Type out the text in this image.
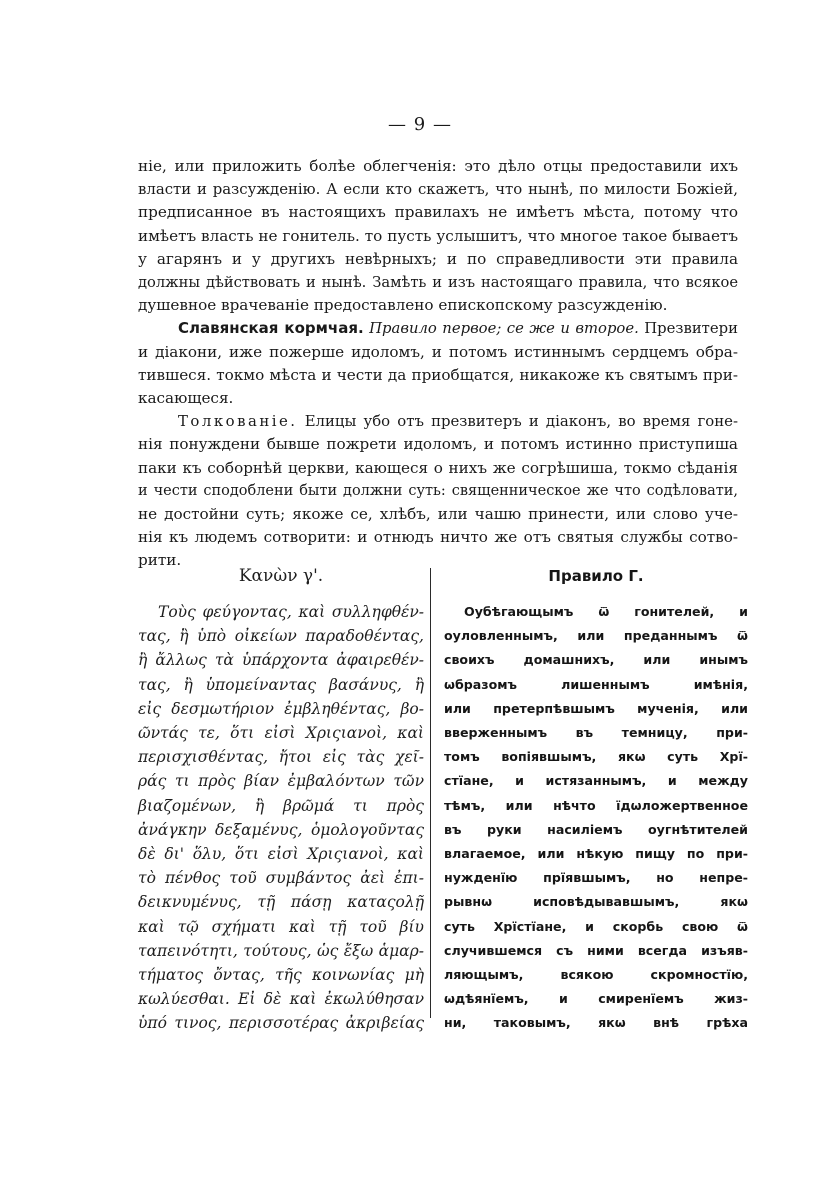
— 9 —

ніе, или приложить болѣе облегченія: это дѣло отцы предоставили ихъ
власти и разсужденію. А если кто скажетъ, что нынѣ, по милости Божіей,
предписанное въ настоящихъ правилахъ не имѣетъ мѣста, потому что
имѣетъ власть не гонитель. то пусть услышитъ, что многое такое бываетъ
у агарянъ и у другихъ невѣрныхъ; и по справедливости эти правила
должны дѣйствовать и нынѣ. Замѣть и изъ настоящаго правила, что всякое
душевное врачеваніе предоставлено епископскому разсужденію.

Славянская кормчая. Правило первое; се же и второе. Презвитери
и діакони, иже пожерше идоломъ, и потомъ истиннымъ сердцемъ обра-
тившеся. токмо мѣста и чести да приобщатся, никакоже къ святымъ при-
касающеся.

Толкованіе. Елицы убо отъ презвитеръ и діаконъ, во время гоне-
нія понуждени бывше пожрети идоломъ, и потомъ истинно приступиша
паки къ соборнѣй церкви, кающеся о нихъ же согрѣшиша, токмо сѣданія
и чести сподоблени быти должни суть: священническое же что содѣловати,
не достойни суть; якоже се, хлѣбъ, или чашю принести, или слово уче-
нія къ людемъ сотворити: и отнюдъ ничто же отъ святыя службы сотво-
рити.

Κανὼν γ'.
Τοὺς φεύγοντας, καὶ συλληφθέν-
τας, ἢ ὑπὸ οἰκείων παραδοθέντας,
ἢ ἄλλως τὰ ὑπάρχοντα ἀφαιρεθέν-
τας, ἢ ὑπομείναντας βασάνυς, ἢ
εἰς δεσμωτήριον ἐμβληθέντας, βο-
ῶντάς τε, ὅτι εἰσὶ Χριςιανοὶ, καὶ
περισχισθέντας, ἤτοι εἰς τὰς χεῖ-
ράς τι πρὸς βίαν ἐμβαλόντων τῶν
βιαζομένων, ἢ βρῶμά τι πρὸς
ἀνάγκην δεξαμένυς, ὁμολογοῦντας
δὲ δι' ὅλυ, ὅτι εἰσὶ Χριςιανοὶ, καὶ
τὸ πένθος τοῦ συμβάντος ἀεὶ ἐπι-
δεικνυμένυς, τῇ πάσῃ καταςολῇ
καὶ τῷ σχήματι καὶ τῇ τοῦ βίυ
ταπεινότητι, τούτους, ὡς ἔξω ἁμαρ-
τήματος ὄντας, τῆς κοινωνίας μὴ
κωλύεσθαι. Εἰ δὲ καὶ ἐκωλύθησαν
ὑπό τινος, περισσοτέρας ἀκριβείας
Правило Г.
Оубѣгающымъ ѿ гонителей, и
оуловленнымъ, или преданнымъ ѿ
своихъ домашнихъ, или инымъ
ѡбразомъ лишеннымъ имѣнія,
или претерпѣвшымъ мученія, или
вверженнымъ въ темницу, при-
томъ вопіявшымъ, якѡ суть Хрї-
стїане, и истязаннымъ, и между
тѣмъ, или нѣчто їдѡложертвенное
въ руки насиліемъ оугнѣтителей
влагаемое, или нѣкую пищу по при-
нужденїю прїявшымъ, но непре-
рывнѡ исповѣдывавшымъ, якѡ
суть Хрїстїане, и скорбь свою ѿ
случившемся съ ними всегда изъяв-
ляющымъ, всякою скромностїю,
ѡдѣянїемъ, и смиренїемъ жиз-
ни, таковымъ, якѡ внѣ грѣха
